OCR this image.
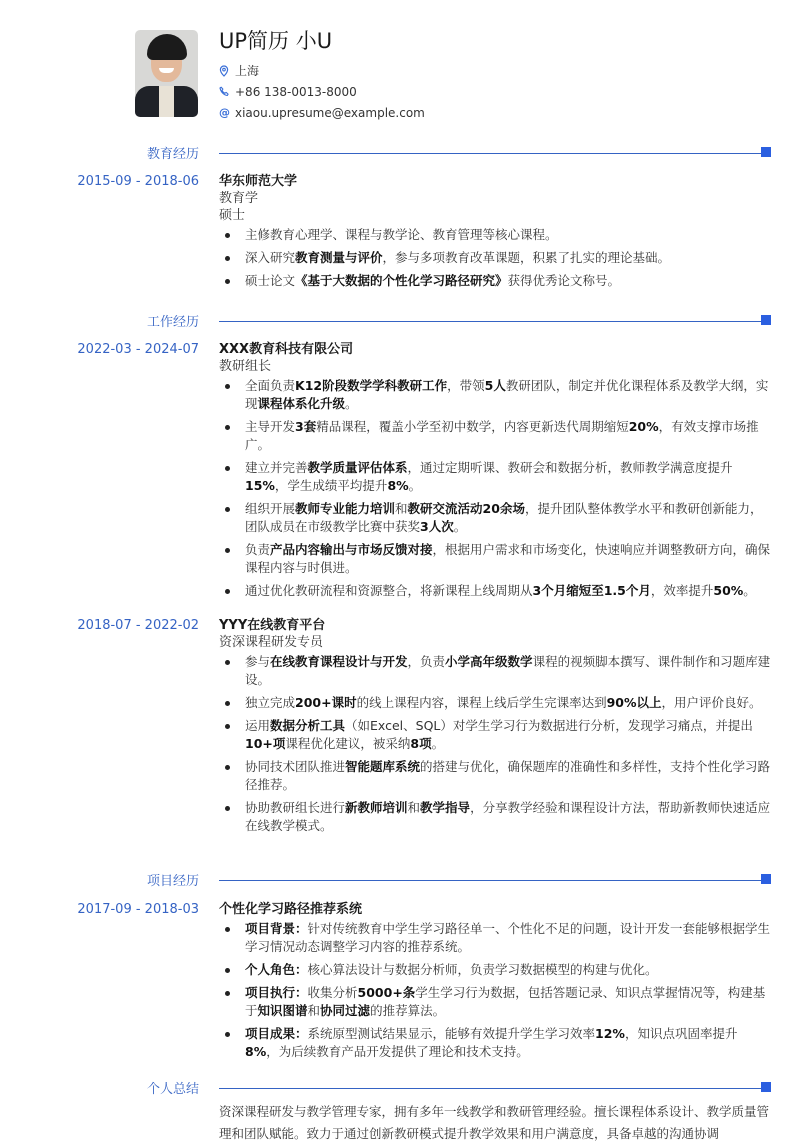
UP简历 小U
上海
+86 138-0013-8000
@ xiaou.upresume@example.com
教育经历
2015-09 - 2018-06 华东师范大学
教育学
硕士
主修教育心理学、课程与教学论、教育管理等核心课程。
深入研究教育测量与评价，参与多项教育改革课题，积累了扎实的理论基础。
硕士论文《基于大数据的个性化学习路径研究》获得优秀论文称号。
工作经历
2022-03 - 2024-07 XXX教育科技有限公司
教研组长
全面负责K12阶段数学学科教研工作，带领5人教研团队，制定并优化课程体系及教学大纲，实现课程体系化升级。
主导开发3套精品课程，覆盖小学至初中数学，内容更新迭代周期缩短20%，有效支撑市场推广。
建立并完善教学质量评估体系，通过定期听课、教研会和数据分析，教师教学满意度提升15%，学生成绩平均提升8%。
组织开展教师专业能力培训和教研交流活动20余场，提升团队整体教学水平和教研创新能力，团队成员在市级教学比赛中获奖3人次。
负责产品内容输出与市场反馈对接，根据用户需求和市场变化，快速响应并调整教研方向，确保课程内容与时俱进。
通过优化教研流程和资源整合，将新课程上线周期从3个月缩短至1.5个月，效率提升50%。
2018-07 - 2022-02 YYY在线教育平台
资深课程研发专员
参与在线教育课程设计与开发，负责小学高年级数学课程的视频脚本撰写、课件制作和习题库建设。
独立完成200+课时的线上课程内容，课程上线后学生完课率达到90%以上，用户评价良好。
运用数据分析工具（如Excel、SQL）对学生学习行为数据进行分析，发现学习痛点，并提出10+项课程优化建议，被采纳8项。
协同技术团队推进智能题库系统的搭建与优化，确保题库的准确性和多样性，支持个性化学习路径推荐。
协助教研组长进行新教师培训和教学指导，分享教学经验和课程设计方法，帮助新教师快速适应在线教学模式。
项目经历
2017-09 - 2018-03 个性化学习路径推荐系统
项目背景：针对传统教育中学生学习路径单一、个性化不足的问题，设计开发一套能够根据学生学习情况动态调整学习内容的推荐系统。
个人角色：核心算法设计与数据分析师，负责学习数据模型的构建与优化。
项目执行：收集分析5000+条学生学习行为数据，包括答题记录、知识点掌握情况等，构建基于知识图谱和协同过滤的推荐算法。
项目成果：系统原型测试结果显示，能够有效提升学生学习效率12%，知识点巩固率提升8%，为后续教育产品开发提供了理论和技术支持。
个人总结
资深课程研发与教学管理专家，拥有多年一线教学和教研管理经验。擅长课程体系设计、教学质量管理和团队赋能。致力于通过创新教研模式提升教学效果和用户满意度，具备卓越的沟通协调
